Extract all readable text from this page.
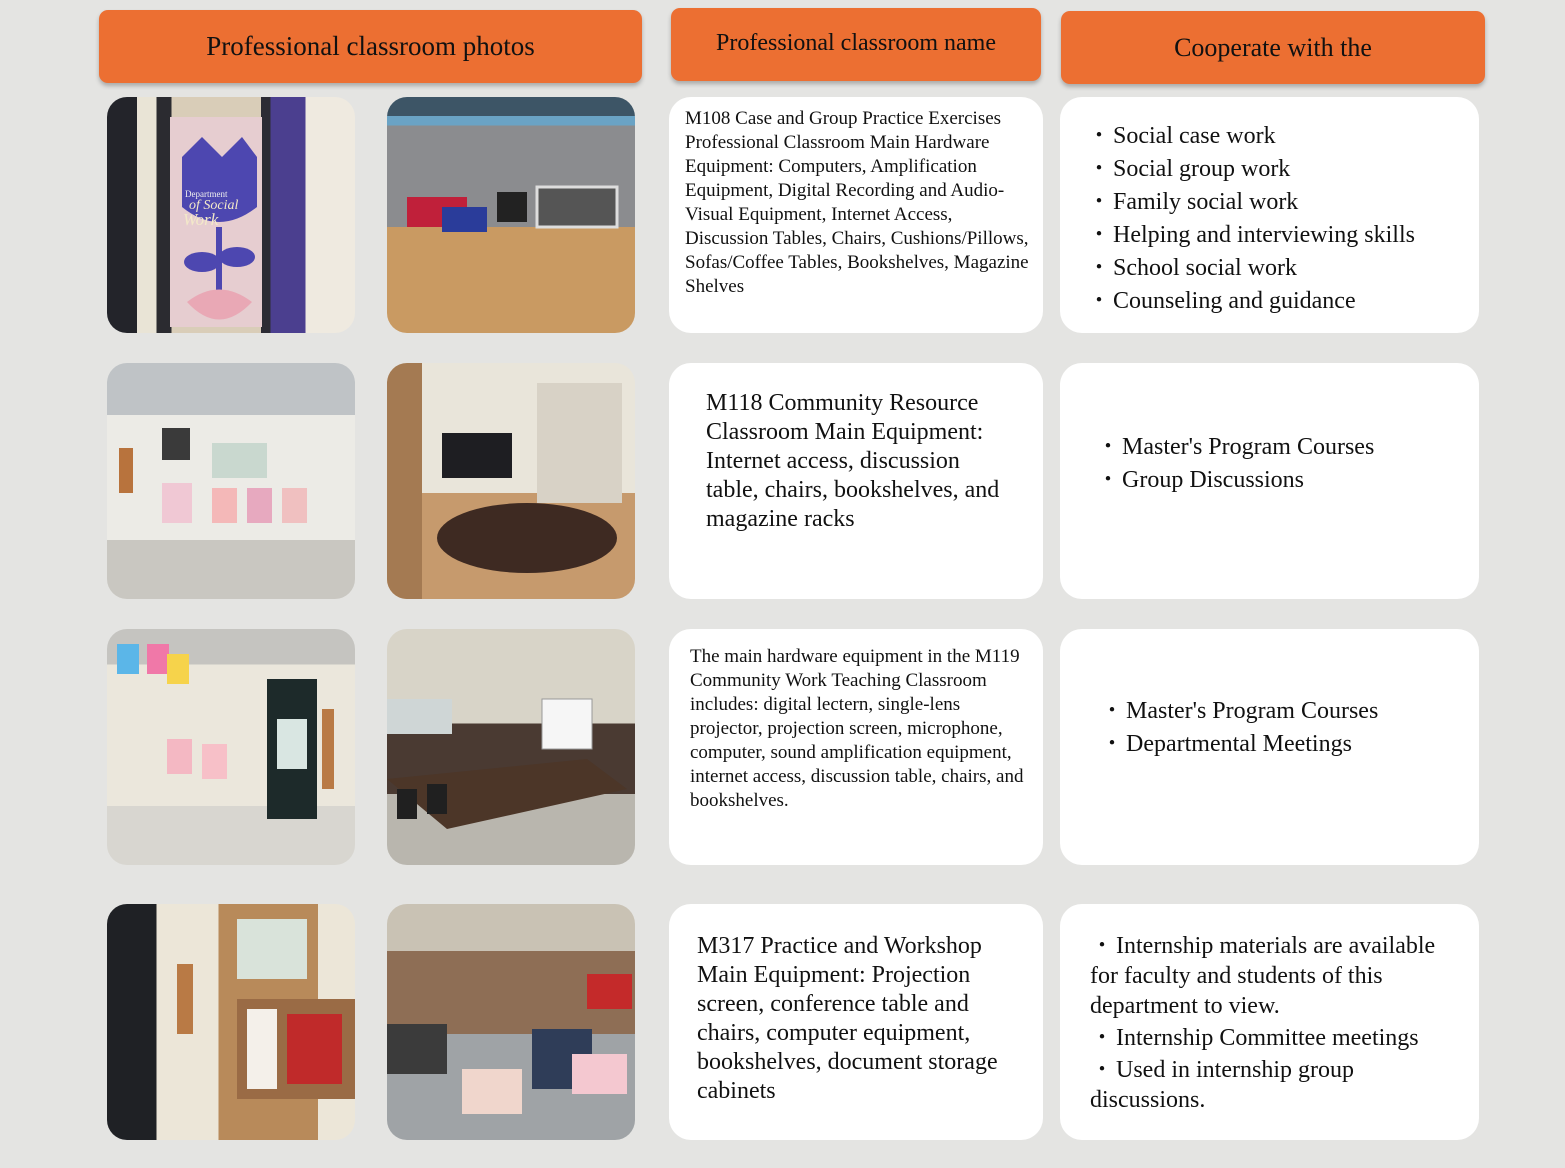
Professional classroom photos	Professional classroom name	Cooperate with the
Department
of Social
Work
M108 Case and Group Practice Exercises Professional Classroom Main Hardware Equipment: Computers, Amplification Equipment, Digital Recording and Audio-Visual Equipment, Internet Access, Discussion Tables, Chairs, Cushions/Pillows, Sofas/Coffee Tables, Bookshelves, Magazine Shelves
・ Social case work
・ Social group work
・ Family social work
・ Helping and interviewing skills
・ School social work
・ Counseling and guidance
M118 Community Resource Classroom Main Equipment: Internet access, discussion table, chairs, bookshelves, and magazine racks
・ Master's Program Courses
・ Group Discussions
The main hardware equipment in the M119 Community Work Teaching Classroom includes: digital lectern, single-lens projector, projection screen, microphone, computer, sound amplification equipment, internet access, discussion table, chairs, and bookshelves.
・ Master's Program Courses
・ Departmental Meetings
M317 Practice and Workshop Main Equipment: Projection screen, conference table and chairs, computer equipment, bookshelves, document storage cabinets
・ Internship materials are available for faculty and students of this department to view.
・ Internship Committee meetings
・ Used in internship group discussions.
